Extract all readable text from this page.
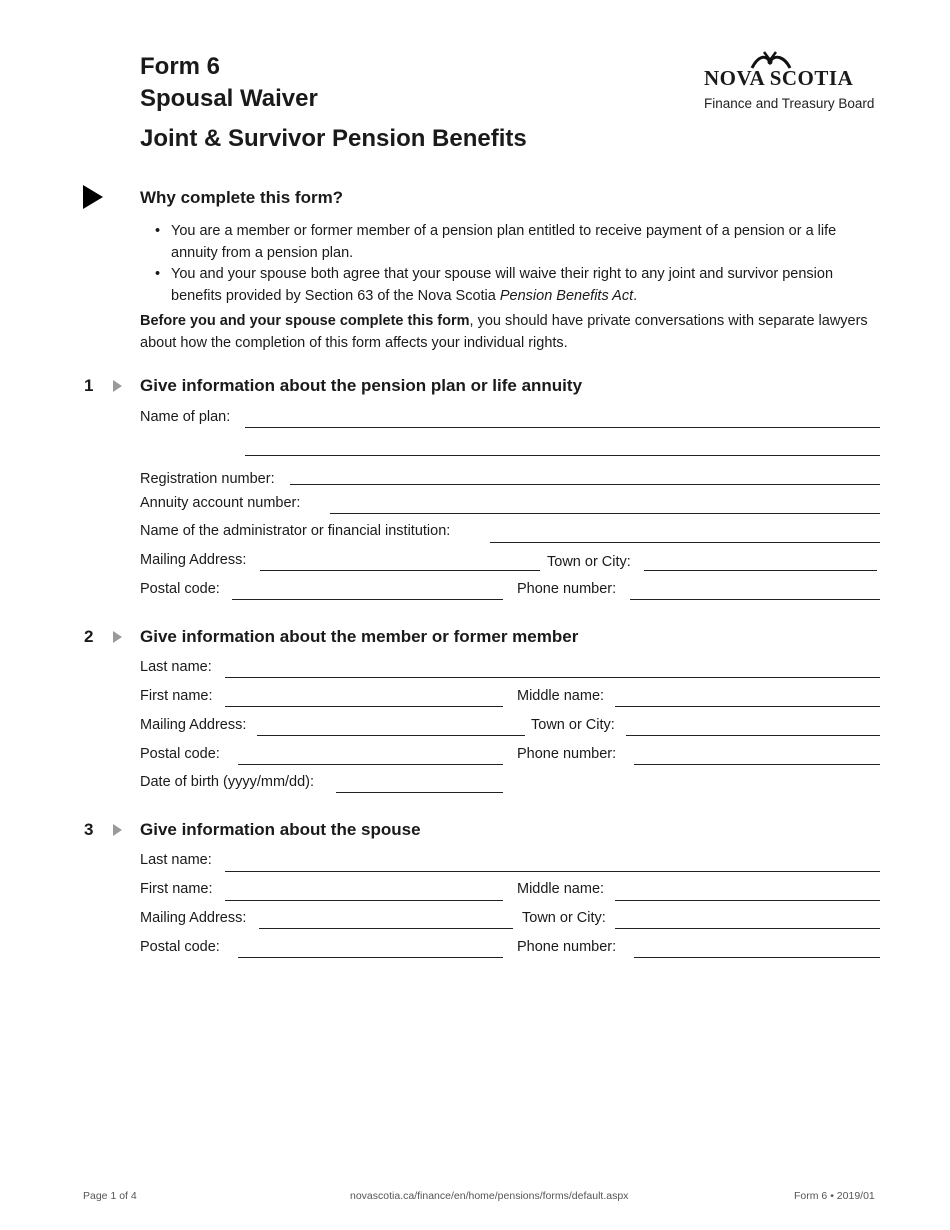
Form 6
Spousal Waiver
Joint & Survivor Pension Benefits
NOVA SCOTIA
Finance and Treasury Board
Why complete this form?
• You are a member or former member of a pension plan entitled to receive payment of a pension or a life annuity from a pension plan.
• You and your spouse both agree that your spouse will waive their right to any joint and survivor pension benefits provided by Section 63 of the Nova Scotia Pension Benefits Act.
Before you and your spouse complete this form, you should have private conversations with separate lawyers about how the completion of this form affects your individual rights.
1	Give information about the pension plan or life annuity
Name of plan:
Registration number:
Annuity account number:
Name of the administrator or financial institution:
Mailing Address:	Town or City:
Postal code:	Phone number:
2	Give information about the member or former member
Last name:
First name:	Middle name:
Mailing Address:	Town or City:
Postal code:	Phone number:
Date of birth (yyyy/mm/dd):
3	Give information about the spouse
Last name:
First name:	Middle name:
Mailing Address:	Town or City:
Postal code:	Phone number:
Page 1 of 4	novascotia.ca/finance/en/home/pensions/forms/default.aspx	Form 6 • 2019/01
